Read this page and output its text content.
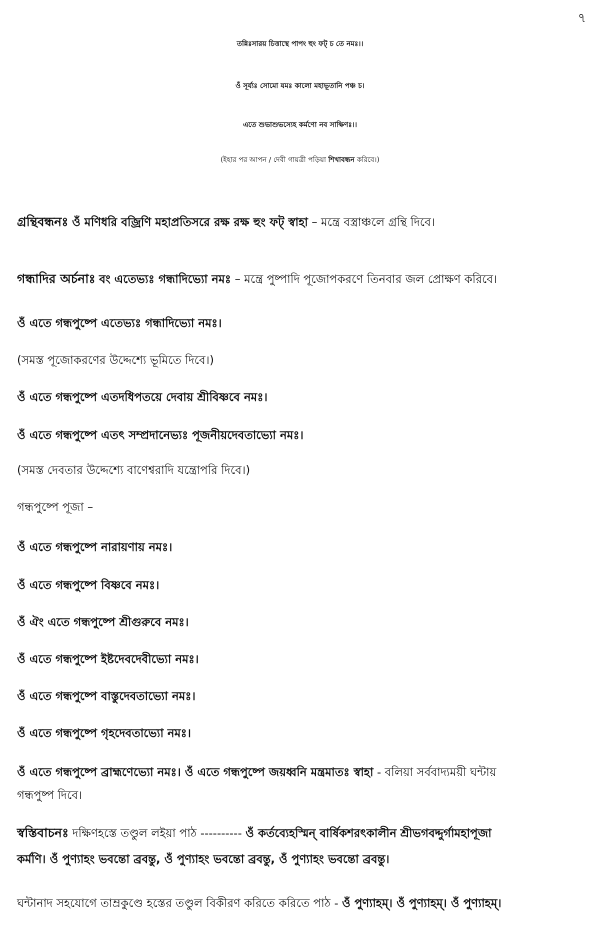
৭
তন্নিঃসারয় চিত্তাস্থে পাপং হুং ফট্ চ তে নমঃ।।
ওঁ সূর্য্যঃ সোমো যমঃ কালো মহাভূতানি পঞ্চ চ।
এতে শুভাশুভস্যেহ কর্মণো নব সাক্ষিণঃ।।
(ইহার পর আপন / দেবী গায়ত্রী পড়িয়া শিখাবন্ধন করিবে।)
গ্রন্থিবন্ধনঃ ওঁ মণিধরি বজ্রিণি মহাপ্রতিসরে রক্ষ রক্ষ হুং ফট্ স্বাহা – মন্ত্রে বস্ত্রাঞ্চলে গ্রন্থি দিবে।
গন্ধাদির অর্চনাঃ বং এতেভ্যঃ গন্ধাদিভ্যো নমঃ – মন্ত্রে পুষ্পাদি পূজোপকরণে তিনবার জল প্রোক্ষণ করিবে।
ওঁ এতে গন্ধপুষ্পে এতেভ্যঃ গন্ধাদিভ্যো নমঃ।
(সমস্ত পূজোকরণের উদ্দেশ্যে ভূমিতে দিবে।)
ওঁ এতে গন্ধপুষ্পে এতদধিপতয়ে দেবায় শ্রীবিষ্ণবে নমঃ।
ওঁ এতে গন্ধপুষ্পে এতৎ সম্প্রদানেভ্যঃ পূজনীয়দেবতাভ্যো নমঃ।
(সমস্ত দেবতার উদ্দেশ্যে বাণেশ্বরাদি যন্ত্রোপরি দিবে।)
গন্ধপুষ্পে পূজা –
ওঁ এতে গন্ধপুষ্পে নারায়ণায় নমঃ।
ওঁ এতে গন্ধপুষ্পে বিষ্ণবে নমঃ।
ওঁ ঐং এতে গন্ধপুষ্পে শ্রীগুরুবে নমঃ।
ওঁ এতে গন্ধপুষ্পে ইষ্টদেবদেবীভ্যো নমঃ।
ওঁ এতে গন্ধপুষ্পে বাস্তুদেবতাভ্যো নমঃ।
ওঁ এতে গন্ধপুষ্পে গৃহদেবতাভ্যো নমঃ।
ওঁ এতে গন্ধপুষ্পে ব্রাহ্মণেভ্যো নমঃ। ওঁ এতে গন্ধপুষ্পে জয়ধ্বনি মন্ত্রমাতঃ স্বাহা - বলিয়া সর্ববাদ্যময়ী ঘন্টায়
গন্ধপুষ্প দিবে।
স্বস্তিবাচনঃ দক্ষিণহস্তে তণ্ডুল লইয়া পাঠ ---------- ওঁ কর্তব্যেহস্মিন্ বার্ষিকশরৎকালীন শ্রীভগবদ্দুর্গামহাপূজা
কর্মণি। ওঁ পুণ্যাহং ভবন্তো ব্রবন্তু, ওঁ পুণ্যাহং ভবন্তো ব্রবন্তু, ওঁ পুণ্যাহং ভবন্তো ব্রবন্তু।
ঘন্টানাদ সহযোগে তাম্রকুণ্ডে হস্তের তণ্ডুল বিকীরণ করিতে করিতে পাঠ - ওঁ পুণ্যাহম্। ওঁ পুণ্যাহম্। ওঁ পুণ্যাহম্।
